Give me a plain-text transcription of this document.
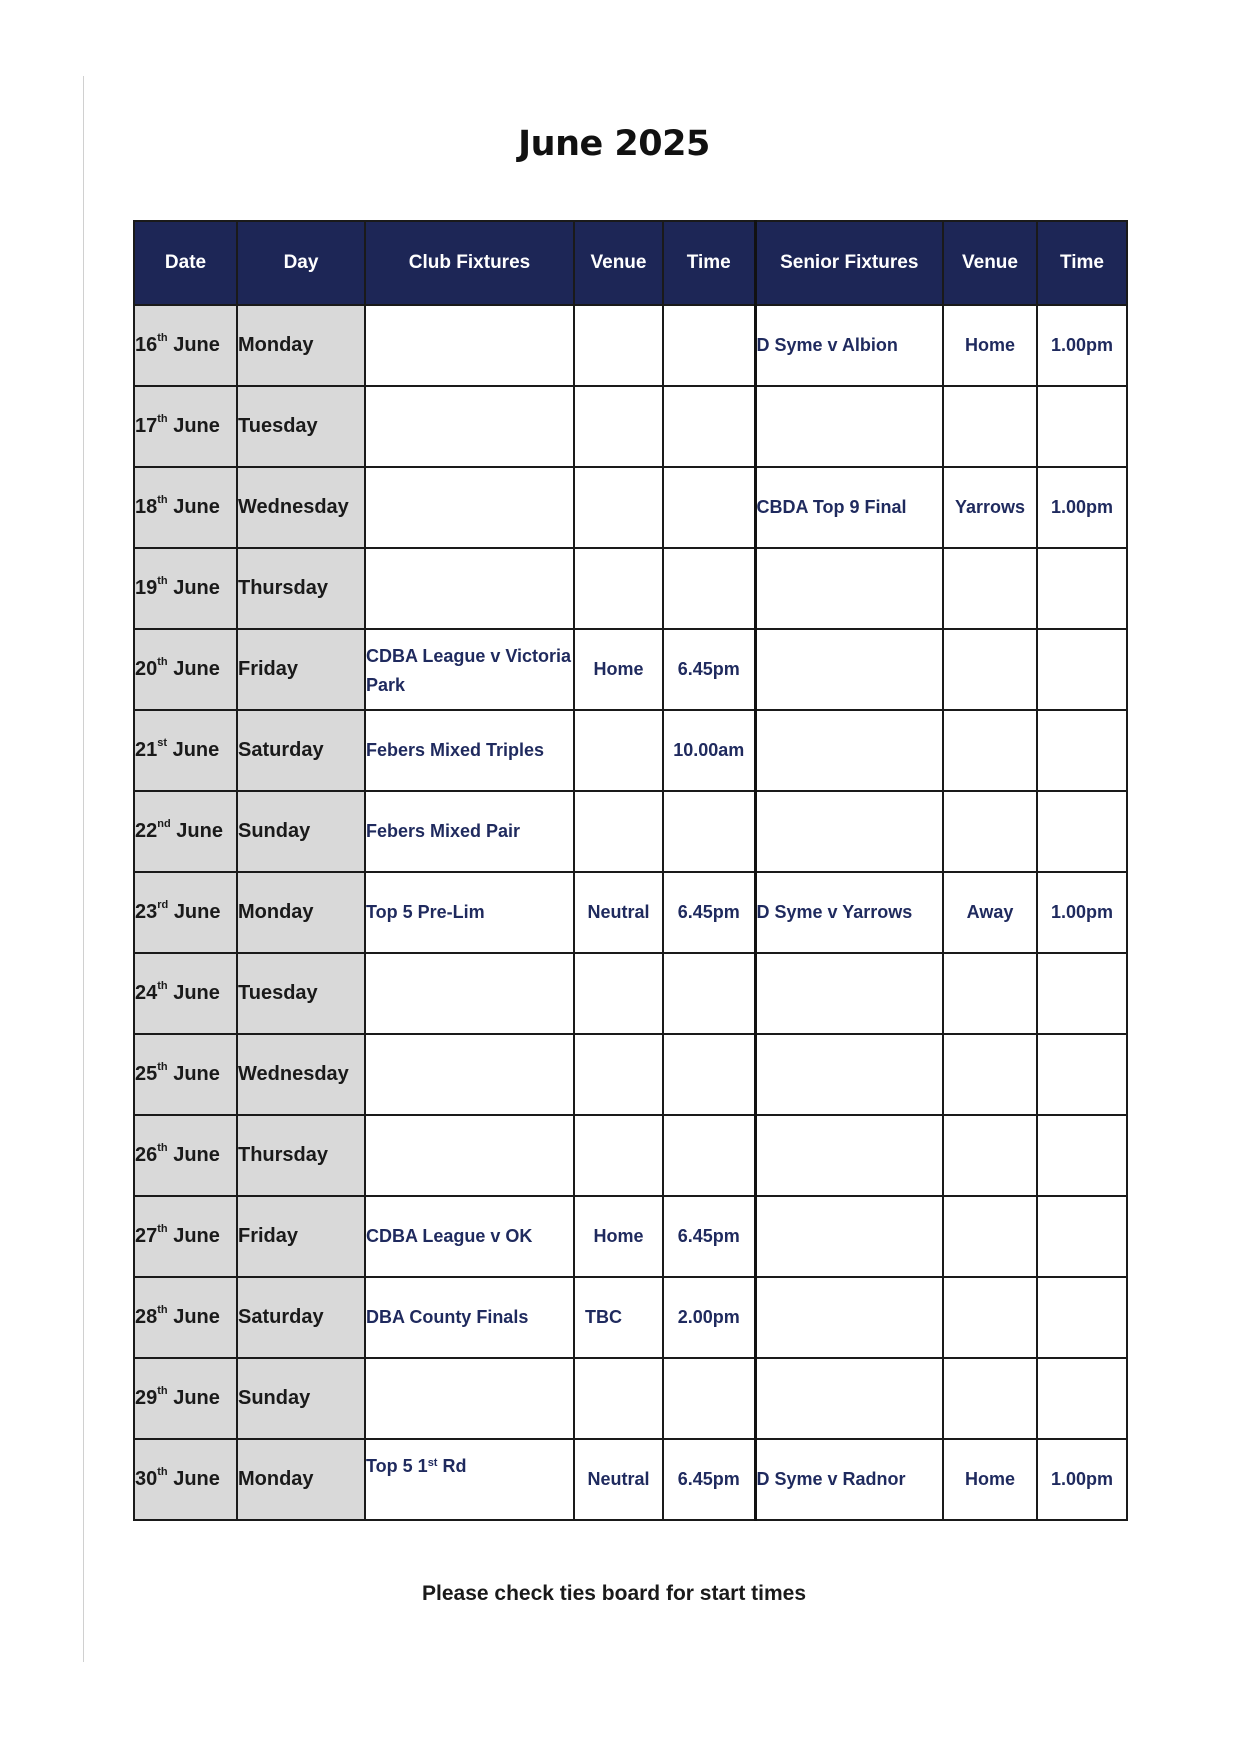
June 2025
Date	Day	Club Fixtures	Venue	Time	Senior Fixtures	Venue	Time
16th June	Monday				D Syme v Albion	Home	1.00pm
17th June	Tuesday						
18th June	Wednesday				CBDA Top 9 Final	Yarrows	1.00pm
19th June	Thursday						
20th June	Friday	CDBA League v Victoria Park	Home	6.45pm			
21st June	Saturday	Febers Mixed Triples		10.00am			
22nd June	Sunday	Febers Mixed Pair					
23rd June	Monday	Top 5 Pre-Lim	Neutral	6.45pm	D Syme v Yarrows	Away	1.00pm
24th June	Tuesday						
25th June	Wednesday						
26th June	Thursday						
27th June	Friday	CDBA League v OK	Home	6.45pm			
28th June	Saturday	DBA County Finals	TBC	2.00pm			
29th June	Sunday						
30th June	Monday	Top 5 1st Rd	Neutral	6.45pm	D Syme v Radnor	Home	1.00pm
Please check ties board for start times
